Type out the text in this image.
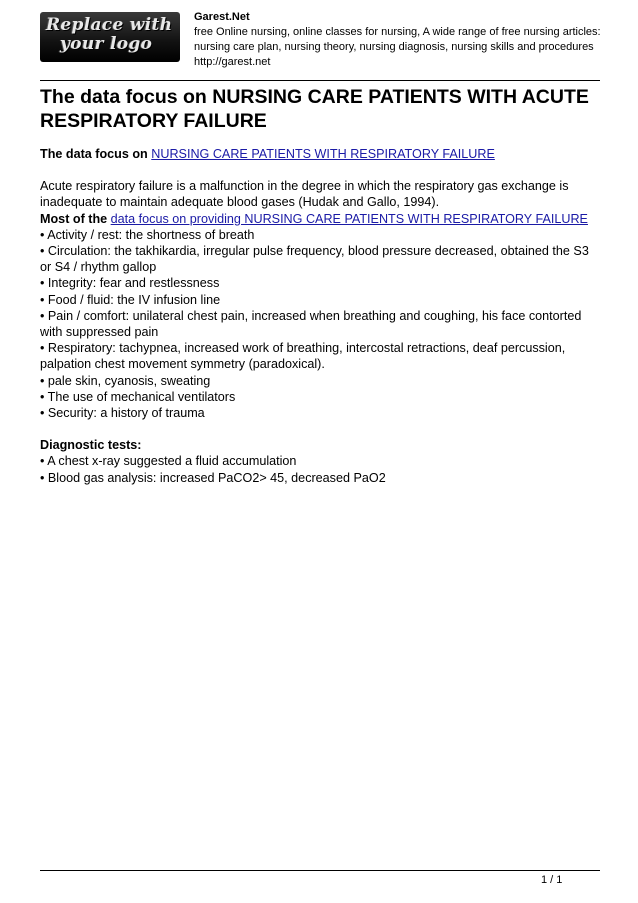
Replace with
your logo
Garest.Net
free Online nursing, online classes for nursing, A wide range of free nursing articles: nursing care plan, nursing theory, nursing diagnosis, nursing skills and procedures
http://garest.net
The data focus on NURSING CARE PATIENTS WITH ACUTE RESPIRATORY FAILURE

The data focus on NURSING CARE PATIENTS WITH RESPIRATORY FAILURE

Acute respiratory failure is a malfunction in the degree in which the respiratory gas exchange is inadequate to maintain adequate blood gases (Hudak and Gallo, 1994).

Most of the data focus on providing NURSING CARE PATIENTS WITH RESPIRATORY FAILURE

• Activity / rest: the shortness of breath

• Circulation: the takhikardia, irregular pulse frequency, blood pressure decreased, obtained the S3 or S4 / rhythm gallop

• Integrity: fear and restlessness

• Food / fluid: the IV infusion line

• Pain / comfort: unilateral chest pain, increased when breathing and coughing, his face contorted with suppressed pain

• Respiratory: tachypnea, increased work of breathing, intercostal retractions, deaf percussion, palpation chest movement symmetry (paradoxical).

• pale skin, cyanosis, sweating

• The use of mechanical ventilators

• Security: a history of trauma

Diagnostic tests:

• A chest x-ray suggested a fluid accumulation

• Blood gas analysis: increased PaCO2> 45, decreased PaO2

1 / 1
